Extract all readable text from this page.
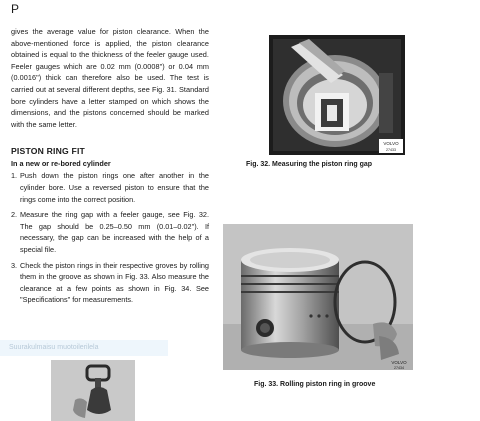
P

gives the average value for piston clearance. When the above-mentioned force is applied, the piston clearance obtained is equal to the thickness of the feeler gauge used. Feeler gauges which are 0.02 mm (0.0008") or 0.04 mm (0.0016") thick can therefore also be used. The test is carried out at several different depths, see Fig. 31. Standard bore cylinders have a letter stamped on which shows the dimensions, and the pistons concerned should be marked with the same letter.

PISTON RING FIT
In a new or re-bored cylinder
1. Push down the piston rings one after another in the cylinder bore. Use a reversed piston to ensure that the rings come into the correct position.
2. Measure the ring gap with a feeler gauge, see Fig. 32. The gap should be 0.25–0.50 mm (0.01–0.02"). If necessary, the gap can be increased with the help of a special file.
3. Check the piston rings in their respective groves by rolling them in the groove as shown in Fig. 33. Also measure the clearance at a few points as shown in Fig. 34. See "Specifications" for measurements.
Suurakulmaisu muotoilerilela
VOLVO
27433
Fig. 32. Measuring the piston ring gap
VOLVO
27434
Fig. 33. Rolling piston ring in groove
